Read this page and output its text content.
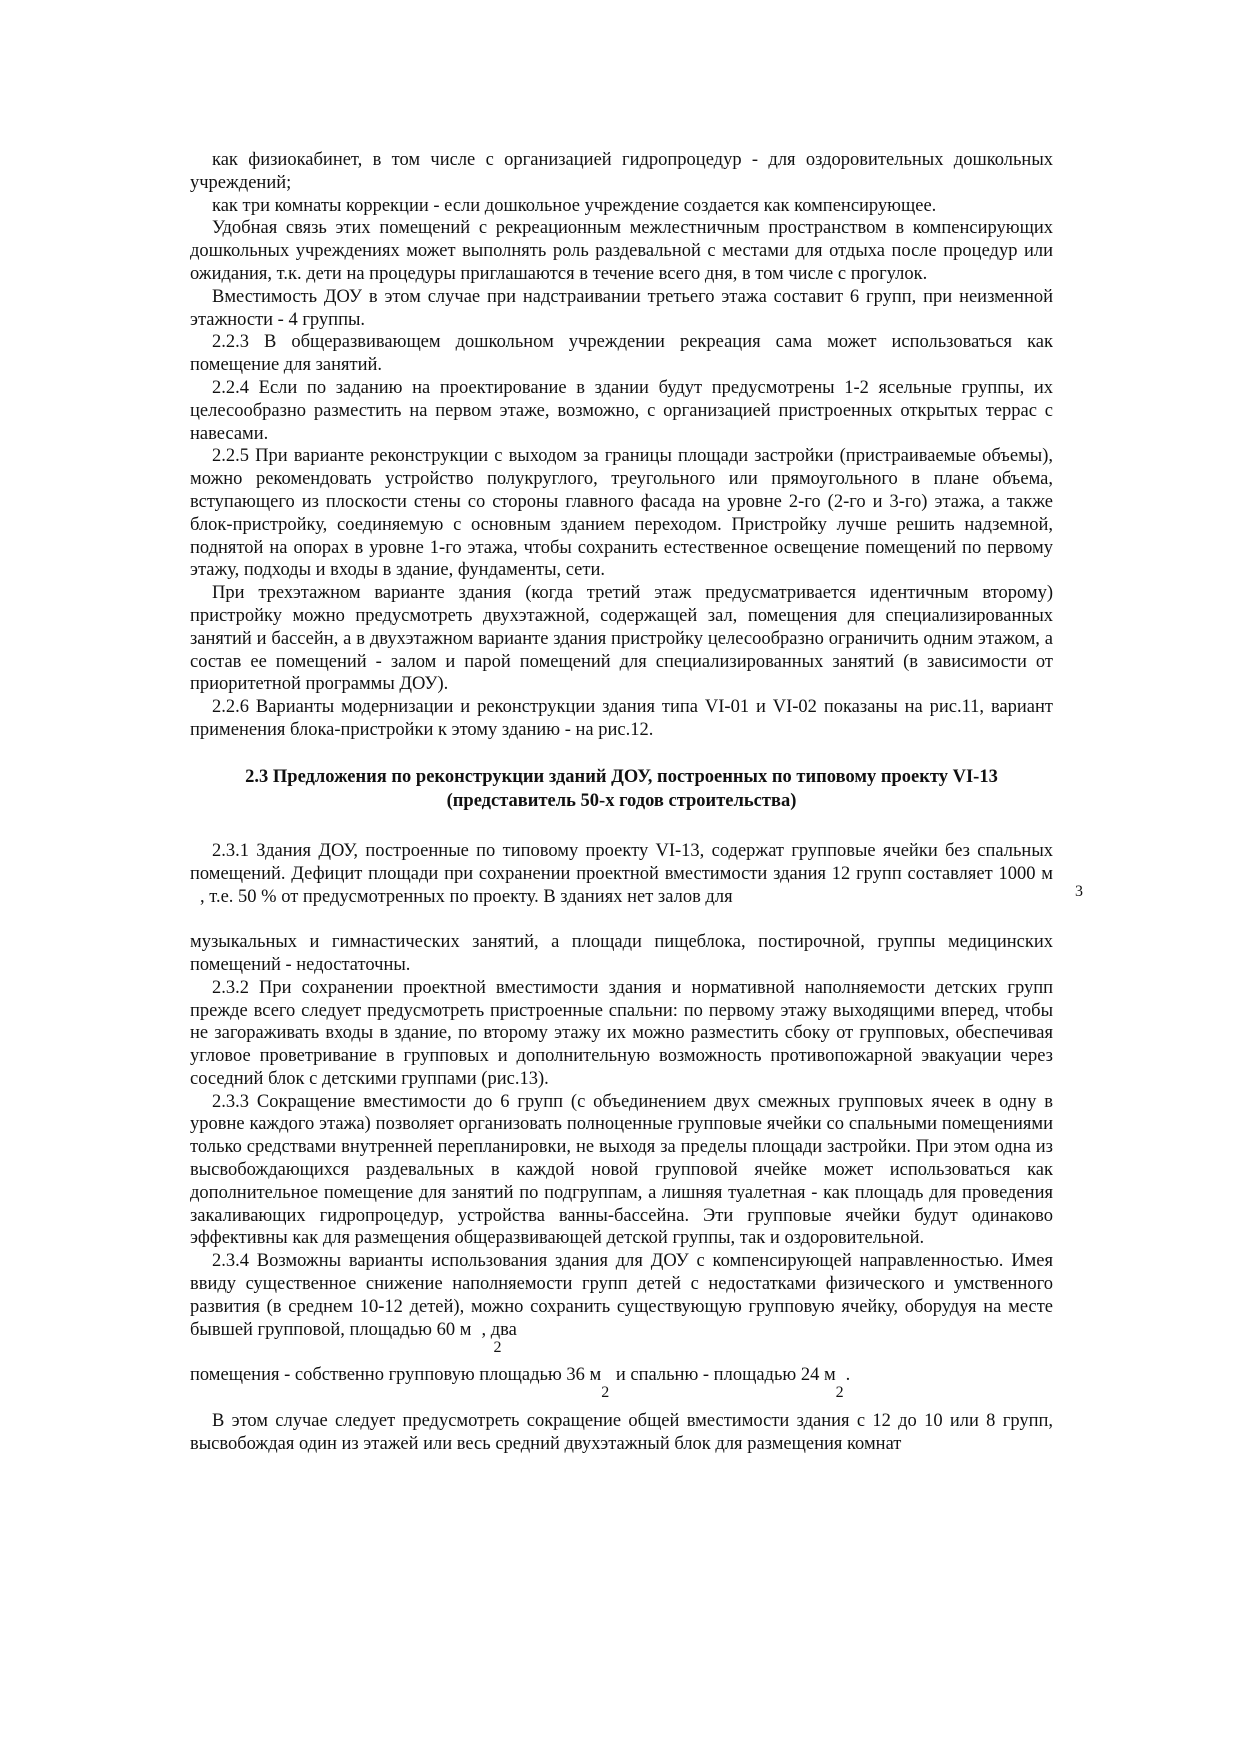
как физиокабинет, в том числе с организацией гидропроцедур - для оздоровительных дошкольных учреждений;

как три комнаты коррекции - если дошкольное учреждение создается как компенсирующее.

Удобная связь этих помещений с рекреационным межлестничным пространством в компенсирующих дошкольных учреждениях может выполнять роль раздевальной с местами для отдыха после процедур или ожидания, т.к. дети на процедуры приглашаются в течение всего дня, в том числе с прогулок.

Вместимость ДОУ в этом случае при надстраивании третьего этажа составит 6 групп, при неизменной этажности - 4 группы.

2.2.3 В общеразвивающем дошкольном учреждении рекреация сама может использоваться как помещение для занятий.

2.2.4 Если по заданию на проектирование в здании будут предусмотрены 1-2 ясельные группы, их целесообразно разместить на первом этаже, возможно, с организацией пристроенных открытых террас с навесами.

2.2.5 При варианте реконструкции с выходом за границы площади застройки (пристраиваемые объемы), можно рекомендовать устройство полукруглого, треугольного или прямоугольного в плане объема, вступающего из плоскости стены со стороны главного фасада на уровне 2-го (2-го и 3-го) этажа, а также блок-пристройку, соединяемую с основным зданием переходом. Пристройку лучше решить надземной, поднятой на опорах в уровне 1-го этажа, чтобы сохранить естественное освещение помещений по первому этажу, подходы и входы в здание, фундаменты, сети.

При трехэтажном варианте здания (когда третий этаж предусматривается идентичным второму) пристройку можно предусмотреть двухэтажной, содержащей зал, помещения для специализированных занятий и бассейн, а в двухэтажном варианте здания пристройку целесообразно ограничить одним этажом, а состав ее помещений - залом и парой помещений для специализированных занятий (в зависимости от приоритетной программы ДОУ).

2.2.6 Варианты модернизации и реконструкции здания типа VI-01 и VI-02 показаны на рис.11, вариант применения блока-пристройки к этому зданию - на рис.12.

2.3 Предложения по реконструкции зданий ДОУ, построенных по типовому проекту VI-13
(представитель 50-х годов строительства)

2.3.1 Здания ДОУ, построенные по типовому проекту VI-13, содержат групповые ячейки без спальных помещений. Дефицит площади при сохранении проектной вместимости здания 12 групп составляет 1000 м3, т.е. 50 % от предусмотренных по проекту. В зданиях нет залов для

музыкальных и гимнастических занятий, а площади пищеблока, постирочной, группы медицинских помещений - недостаточны.

2.3.2 При сохранении проектной вместимости здания и нормативной наполняемости детских групп прежде всего следует предусмотреть пристроенные спальни: по первому этажу выходящими вперед, чтобы не загораживать входы в здание, по второму этажу их можно разместить сбоку от групповых, обеспечивая угловое проветривание в групповых и дополнительную возможность противопожарной эвакуации через соседний блок с детскими группами (рис.13).

2.3.3 Сокращение вместимости до 6 групп (с объединением двух смежных групповых ячеек в одну в уровне каждого этажа) позволяет организовать полноценные групповые ячейки со спальными помещениями только средствами внутренней перепланировки, не выходя за пределы площади застройки. При этом одна из высвобождающихся раздевальных в каждой новой групповой ячейке может использоваться как дополнительное помещение для занятий по подгруппам, а лишняя туалетная - как площадь для проведения закаливающих гидропроцедур, устройства ванны-бассейна. Эти групповые ячейки будут одинаково эффективны как для размещения общеразвивающей детской группы, так и оздоровительной.

2.3.4 Возможны варианты использования здания для ДОУ с компенсирующей направленностью. Имея ввиду существенное снижение наполняемости групп детей с недостатками физического и умственного развития (в среднем 10-12 детей), можно сохранить существующую групповую ячейку, оборудуя на месте бывшей групповой, площадью 60 м2, два

помещения - собственно групповую площадью 36 м2 и спальню - площадью 24 м2.

В этом случае следует предусмотреть сокращение общей вместимости здания с 12 до 10 или 8 групп, высвобождая один из этажей или весь средний двухэтажный блок для размещения комнат
